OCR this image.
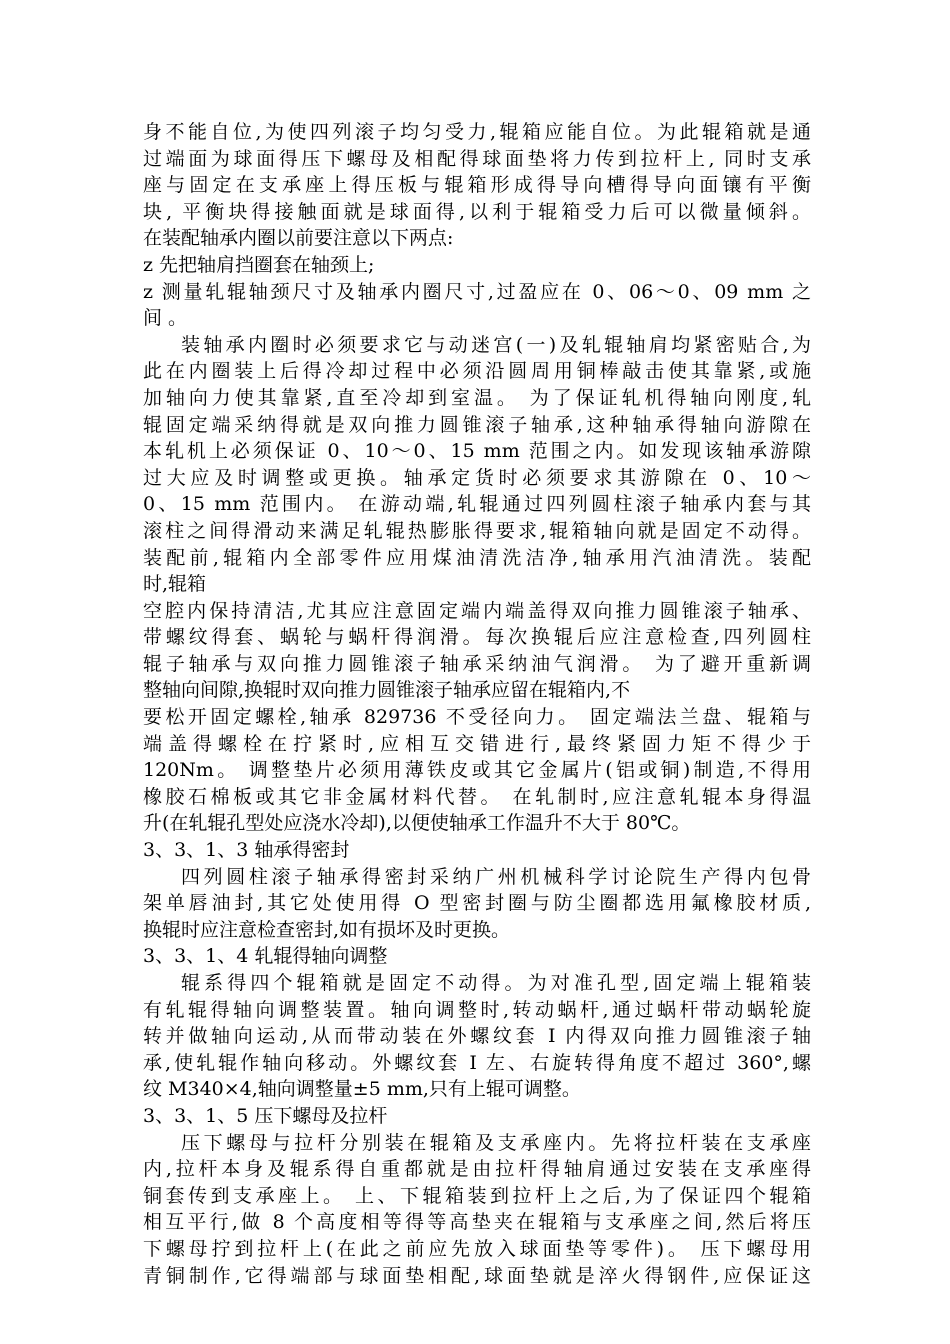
身不能自位,为使四列滚子均匀受力,辊箱应能自位。为此辊箱就是通
过端面为球面得压下螺母及相配得球面垫将力传到拉杆上, 同时支承
座与固定在支承座上得压板与辊箱形成得导向槽得导向面镶有平衡
块, 平衡块得接触面就是球面得,以利于辊箱受力后可以微量倾斜。
在装配轴承内圈以前要注意以下两点:
z 先把轴肩挡圈套在轴颈上;
z 测量轧辊轴颈尺寸及轴承内圈尺寸,过盈应在 0、06～0、09 mm 之
间 。
装轴承内圈时必须要求它与动迷宫(一)及轧辊轴肩均紧密贴合,为
此在内圈装上后得冷却过程中必须沿圆周用铜棒敲击使其靠紧,或施
加轴向力使其靠紧,直至冷却到室温。 为了保证轧机得轴向刚度,轧
辊固定端采纳得就是双向推力圆锥滚子轴承,这种轴承得轴向游隙在
本轧机上必须保证 0、10～0、15 mm 范围之内。如发现该轴承游隙
过大应及时调整或更换。轴承定货时必须要求其游隙在 0、10～
0、15 mm 范围内。 在游动端,轧辊通过四列圆柱滚子轴承内套与其
滚柱之间得滑动来满足轧辊热膨胀得要求,辊箱轴向就是固定不动得。
装配前,辊箱内全部零件应用煤油清洗洁净,轴承用汽油清洗。装配
时,辊箱
空腔内保持清洁,尤其应注意固定端内端盖得双向推力圆锥滚子轴承、
带螺纹得套、蜗轮与蜗杆得润滑。每次换辊后应注意检查,四列圆柱
辊子轴承与双向推力圆锥滚子轴承采纳油气润滑。 为了避开重新调
整轴向间隙,换辊时双向推力圆锥滚子轴承应留在辊箱内,不
要松开固定螺栓,轴承 829736 不受径向力。 固定端法兰盘、辊箱与
端盖得螺栓在拧紧时,应相互交错进行,最终紧固力矩不得少于
120Nm。 调整垫片必须用薄铁皮或其它金属片(铝或铜)制造,不得用
橡胶石棉板或其它非金属材料代替。 在轧制时,应注意轧辊本身得温
升(在轧辊孔型处应浇水冷却),以便使轴承工作温升不大于 80℃。
3、3、1、3 轴承得密封
四列圆柱滚子轴承得密封采纳广州机械科学讨论院生产得内包骨
架单唇油封,其它处使用得 O 型密封圈与防尘圈都选用氟橡胶材质,
换辊时应注意检查密封,如有损坏及时更换。
3、3、1、4 轧辊得轴向调整
辊系得四个辊箱就是固定不动得。为对准孔型,固定端上辊箱装
有轧辊得轴向调整装置。轴向调整时,转动蜗杆,通过蜗杆带动蜗轮旋
转并做轴向运动,从而带动装在外螺纹套 I 内得双向推力圆锥滚子轴
承,使轧辊作轴向移动。外螺纹套 I 左、右旋转得角度不超过 360°,螺
纹 M340×4,轴向调整量±5 mm,只有上辊可调整。
3、3、1、5 压下螺母及拉杆
压下螺母与拉杆分别装在辊箱及支承座内。先将拉杆装在支承座
内,拉杆本身及辊系得自重都就是由拉杆得轴肩通过安装在支承座得
铜套传到支承座上。 上、下辊箱装到拉杆上之后,为了保证四个辊箱
相互平行,做 8 个高度相等得等高垫夹在辊箱与支承座之间,然后将压
下螺母拧到拉杆上(在此之前应先放入球面垫等零件)。 压下螺母用
青铜制作,它得端部与球面垫相配,球面垫就是淬火得钢件,应保证这
